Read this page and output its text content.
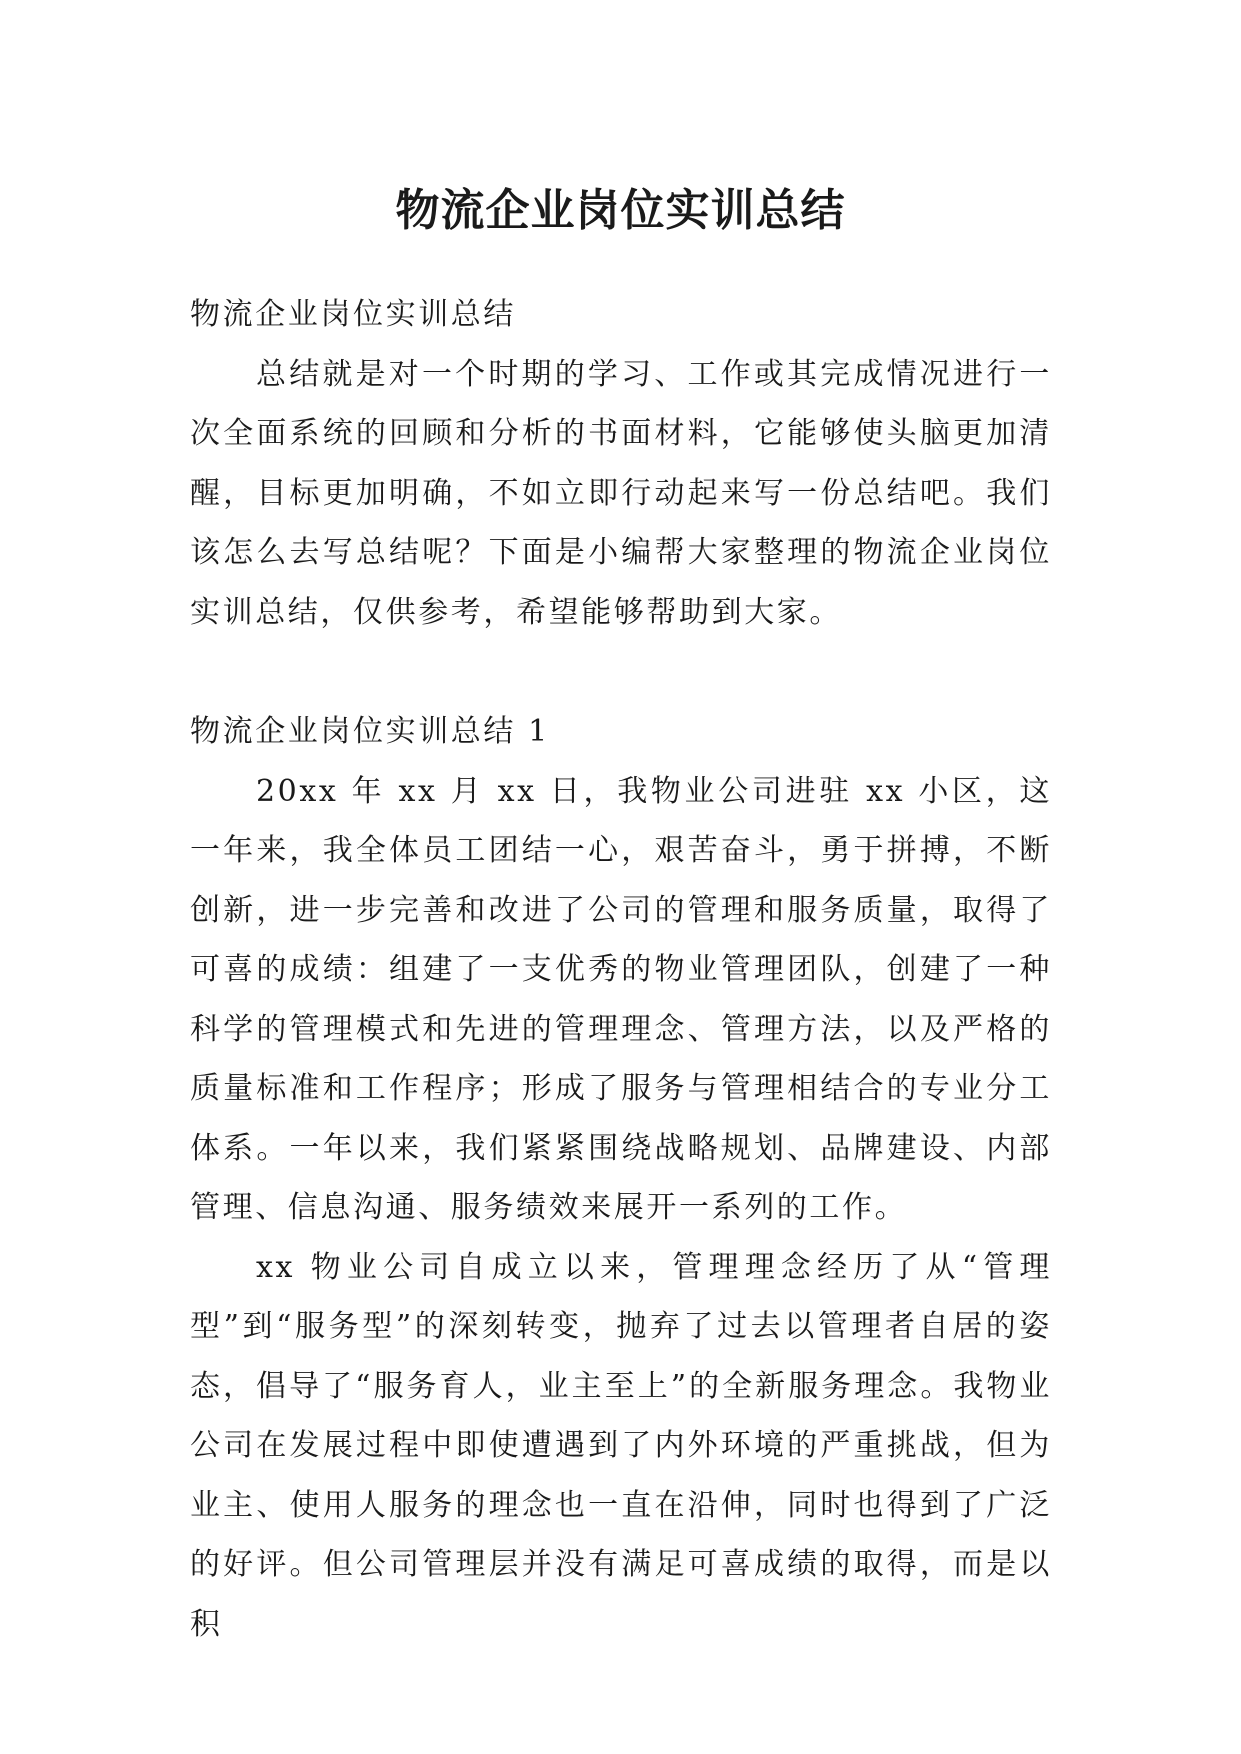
物流企业岗位实训总结

物流企业岗位实训总结

总结就是对一个时期的学习、工作或其完成情况进行一次全面系统的回顾和分析的书面材料，它能够使头脑更加清醒，目标更加明确，不如立即行动起来写一份总结吧。我们该怎么去写总结呢？下面是小编帮大家整理的物流企业岗位实训总结，仅供参考，希望能够帮助到大家。

物流企业岗位实训总结 1

20xx 年 xx 月 xx 日，我物业公司进驻 xx 小区，这一年来，我全体员工团结一心，艰苦奋斗，勇于拼搏，不断创新，进一步完善和改进了公司的管理和服务质量，取得了可喜的成绩：组建了一支优秀的物业管理团队，创建了一种科学的管理模式和先进的管理理念、管理方法，以及严格的质量标准和工作程序；形成了服务与管理相结合的专业分工体系。一年以来，我们紧紧围绕战略规划、品牌建设、内部管理、信息沟通、服务绩效来展开一系列的工作。

xx 物业公司自成立以来，管理理念经历了从“管理型”到“服务型”的深刻转变，抛弃了过去以管理者自居的姿态，倡导了“服务育人，业主至上”的全新服务理念。我物业公司在发展过程中即使遭遇到了内外环境的严重挑战，但为业主、使用人服务的理念也一直在沿伸，同时也得到了广泛的好评。但公司管理层并没有满足可喜成绩的取得，而是以积
